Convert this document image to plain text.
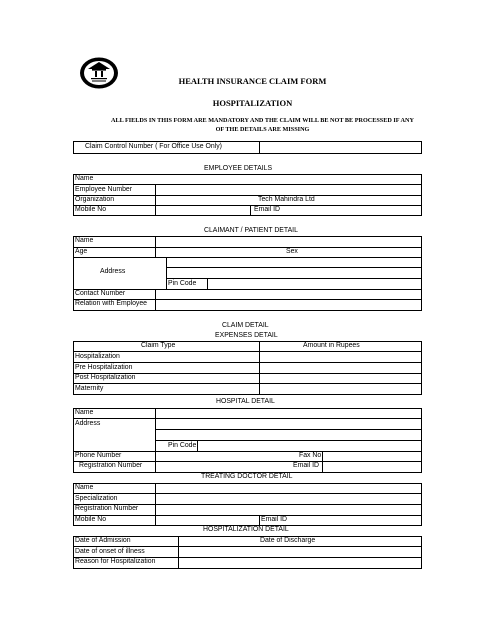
HEALTH INSURANCE CLAIM FORM
HOSPITALIZATION
ALL FIELDS IN THIS FORM ARE MANDATORY AND THE CLAIM WILL BE NOT BE PROCESSED IF ANY
OF THE DETAILS ARE MISSING
Claim Control Number ( For Office Use Only)
EMPLOYEE DETAILS
Name
Employee Number
Organization	Tech Mahindra Ltd
Mobile No	Email ID
CLAIMANT / PATIENT DETAIL
Name
Age	Sex
Address
Pin Code
Contact Number
Relation with Employee
CLAIM DETAIL
EXPENSES DETAIL
Claim Type	Amount in Rupees
Hospitalization
Pre Hospitalization
Post Hospitalization
Maternity
HOSPITAL DETAIL
Name
Address
Pin Code
Phone Number	Fax No
Registration Number	Email ID
TREATING DOCTOR DETAIL
Name
Specialization
Registration Number
Mobile No	Email ID
HOSPITALIZATION DETAIL
Date of Admission	Date of Discharge
Date of onset of illness
Reason for Hospitalization
